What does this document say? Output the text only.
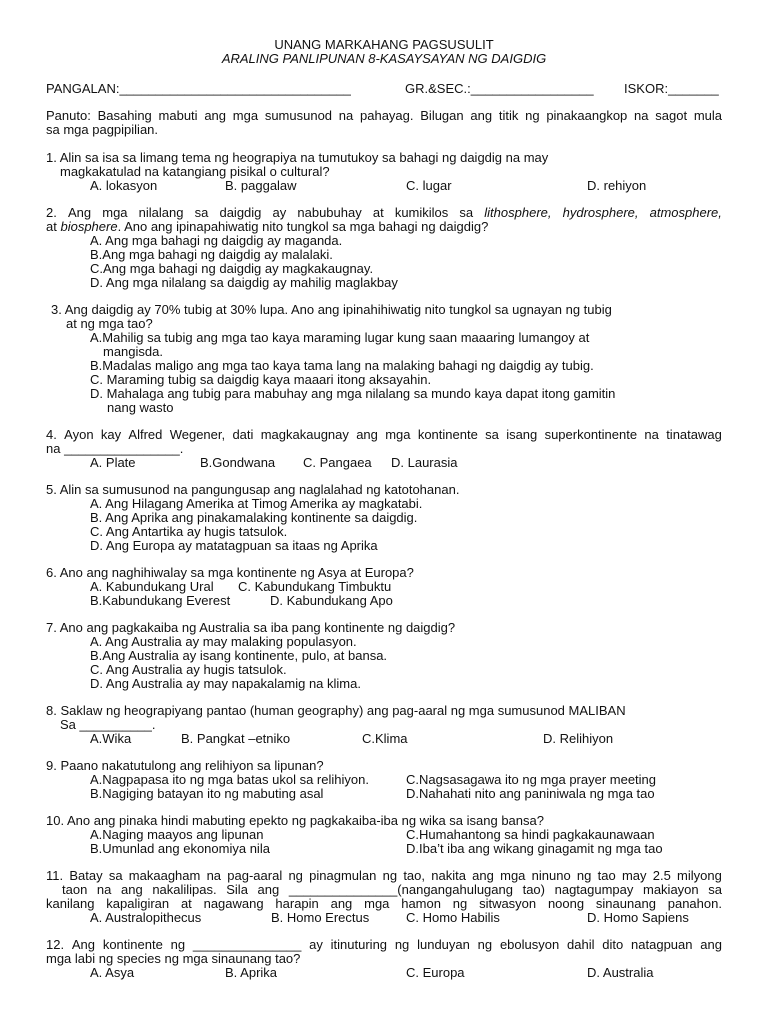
UNANG MARKAHANG PAGSUSULIT
ARALING PANLIPUNAN 8-KASAYSAYAN NG DAIGDIG
PANGALAN:________________________________	GR.&SEC.:_________________ ISKOR:_______
Panuto: Basahing mabuti ang mga sumusunod na pahayag. Bilugan ang titik ng pinakaangkop na sagot mula
sa mga pagpipilian.
1. Alin sa isa sa limang tema ng heograpiya na tumutukoy sa bahagi ng daigdig na may
magkakatulad na katangiang pisikal o cultural?
A. lokasyon	B. paggalaw	C. lugar	D. rehiyon
2. Ang mga nilalang sa daigdig ay nabubuhay at kumikilos sa lithosphere, hydrosphere, atmosphere,
at biosphere. Ano ang ipinapahiwatig nito tungkol sa mga bahagi ng daigdig?
A. Ang mga bahagi ng daigdig ay maganda.
B.Ang mga bahagi ng daigdig ay malalaki.
C.Ang mga bahagi ng daigdig ay magkakaugnay.
D. Ang mga nilalang sa daigdig ay mahilig maglakbay
3. Ang daigdig ay 70% tubig at 30% lupa. Ano ang ipinahihiwatig nito tungkol sa ugnayan ng tubig
at ng mga tao?
A.Mahilig sa tubig ang mga tao kaya maraming lugar kung saan maaaring lumangoy at
mangisda.
B.Madalas maligo ang mga tao kaya tama lang na malaking bahagi ng daigdig ay tubig.
C. Maraming tubig sa daigdig kaya maaari itong aksayahin.
D. Mahalaga ang tubig para mabuhay ang mga nilalang sa mundo kaya dapat itong gamitin
nang wasto
4. Ayon kay Alfred Wegener, dati magkakaugnay ang mga kontinente sa isang superkontinente na tinatawag
na ________________.
A. Plate	B.Gondwana C. Pangaea D. Laurasia
5. Alin sa sumusunod na pangungusap ang naglalahad ng katotohanan.
A. Ang Hilagang Amerika at Timog Amerika ay magkatabi.
B. Ang Aprika ang pinakamalaking kontinente sa daigdig.
C. Ang Antartika ay hugis tatsulok.
D. Ang Europa ay matatagpuan sa itaas ng Aprika
6. Ano ang naghihiwalay sa mga kontinente ng Asya at Europa?
A. Kabundukang Ural C. Kabundukang Timbuktu
B.Kabundukang Everest	D. Kabundukang Apo
7. Ano ang pagkakaiba ng Australia sa iba pang kontinente ng daigdig?
A. Ang Australia ay may malaking populasyon.
B.Ang Australia ay isang kontinente, pulo, at bansa.
C. Ang Australia ay hugis tatsulok.
D. Ang Australia ay may napakalamig na klima.
8. Saklaw ng heograpiyang pantao (human geography) ang pag-aaral ng mga sumusunod MALIBAN
Sa __________.
A.Wika	B. Pangkat –etniko	C.Klima	D. Relihiyon
9. Paano nakatutulong ang relihiyon sa lipunan?
A.Nagpapasa ito ng mga batas ukol sa relihiyon.	C.Nagsasagawa ito ng mga prayer meeting
B.Nagiging batayan ito ng mabuting asal	D.Nahahati nito ang paniniwala ng mga tao
10. Ano ang pinaka hindi mabuting epekto ng pagkakaiba-iba ng wika sa isang bansa?
A.Naging maayos ang lipunan	C.Humahantong sa hindi pagkakaunawaan
B.Umunlad ang ekonomiya nila	D.Iba’t iba ang wikang ginagamit ng mga tao
11. Batay sa makaagham na pag-aaral ng pinagmulan ng tao, nakita ang mga ninuno ng tao may 2.5 milyong
taon na ang nakalilipas. Sila ang _______________(nangangahulugang tao) nagtagumpay makiayon sa
kanilang kapaligiran at nagawang harapin ang mga hamon ng sitwasyon noong sinaunang panahon.
A. Australopithecus	B. Homo Erectus	C. Homo Habilis	D. Homo Sapiens
12. Ang kontinente ng _______________ ay itinuturing ng lunduyan ng ebolusyon dahil dito natagpuan ang
mga labi ng species ng mga sinaunang tao?
A. Asya	B. Aprika	C. Europa	D. Australia
